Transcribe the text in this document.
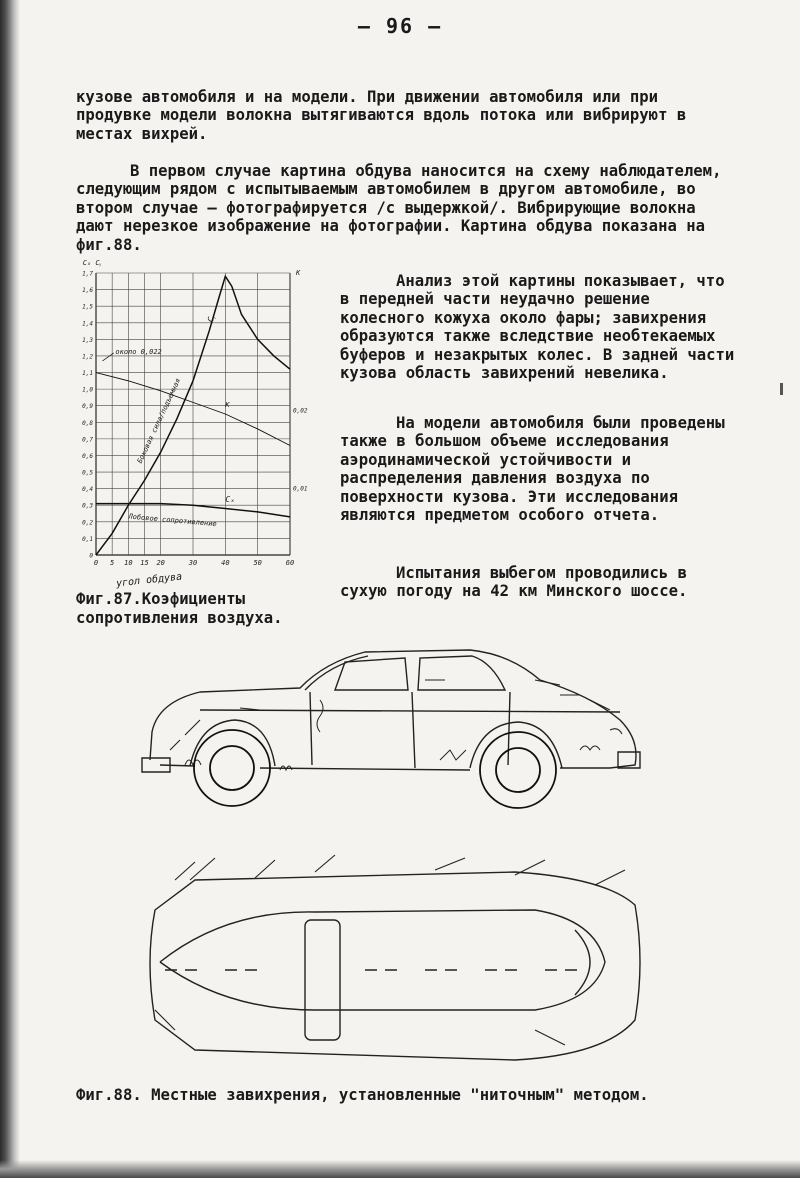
– 96 –
кузове автомобиля и на модели. При движении автомобиля или при продувке модели волокна вытягиваются вдоль потока или вибрируют в местах вихрей.
В первом случае картина обдува наносится на схему наблюдателем, следующим рядом с испытываемым автомобилем в другом автомобиле, во втором случае – фотографируется /с выдержкой/. Вибрирующие волокна дают нерезкое изображение на фотографии. Картина обдува показана на фиг.88.
0 5 10 15 20	30	40	50	60
0
0,1
0,2
0,3
0,4
0,5
0,6
0,7
0,8
0,9
1,0
1,1
1,2
1,3
1,4
1,5
1,6
1,7
Cₓ Cᵧ
K
0,01
0,02
около 0,022
Cᵧ
K
Cₓ
Боковая сила/подъемная
Лобовое сопротивление
угол обдува
Фиг.87.Коэфициенты сопротивления воздуха.
Анализ этой картины показывает, что в передней части неудачно решение колесного кожуха около фары; завихрения образуются также вследствие необтекаемых буферов и незакрытых колес. В задней части кузова область завихрений невелика.
На модели автомобиля были проведены также в большом объеме исследования аэродинамической устойчивости и распределения давления воздуха по поверхности кузова. Эти исследования являются предметом особого отчета.
Испытания выбегом проводились в сухую погоду на 42 км Минского шоссе.
Фиг.88. Местные завихрения, установленные "ниточным" методом.
